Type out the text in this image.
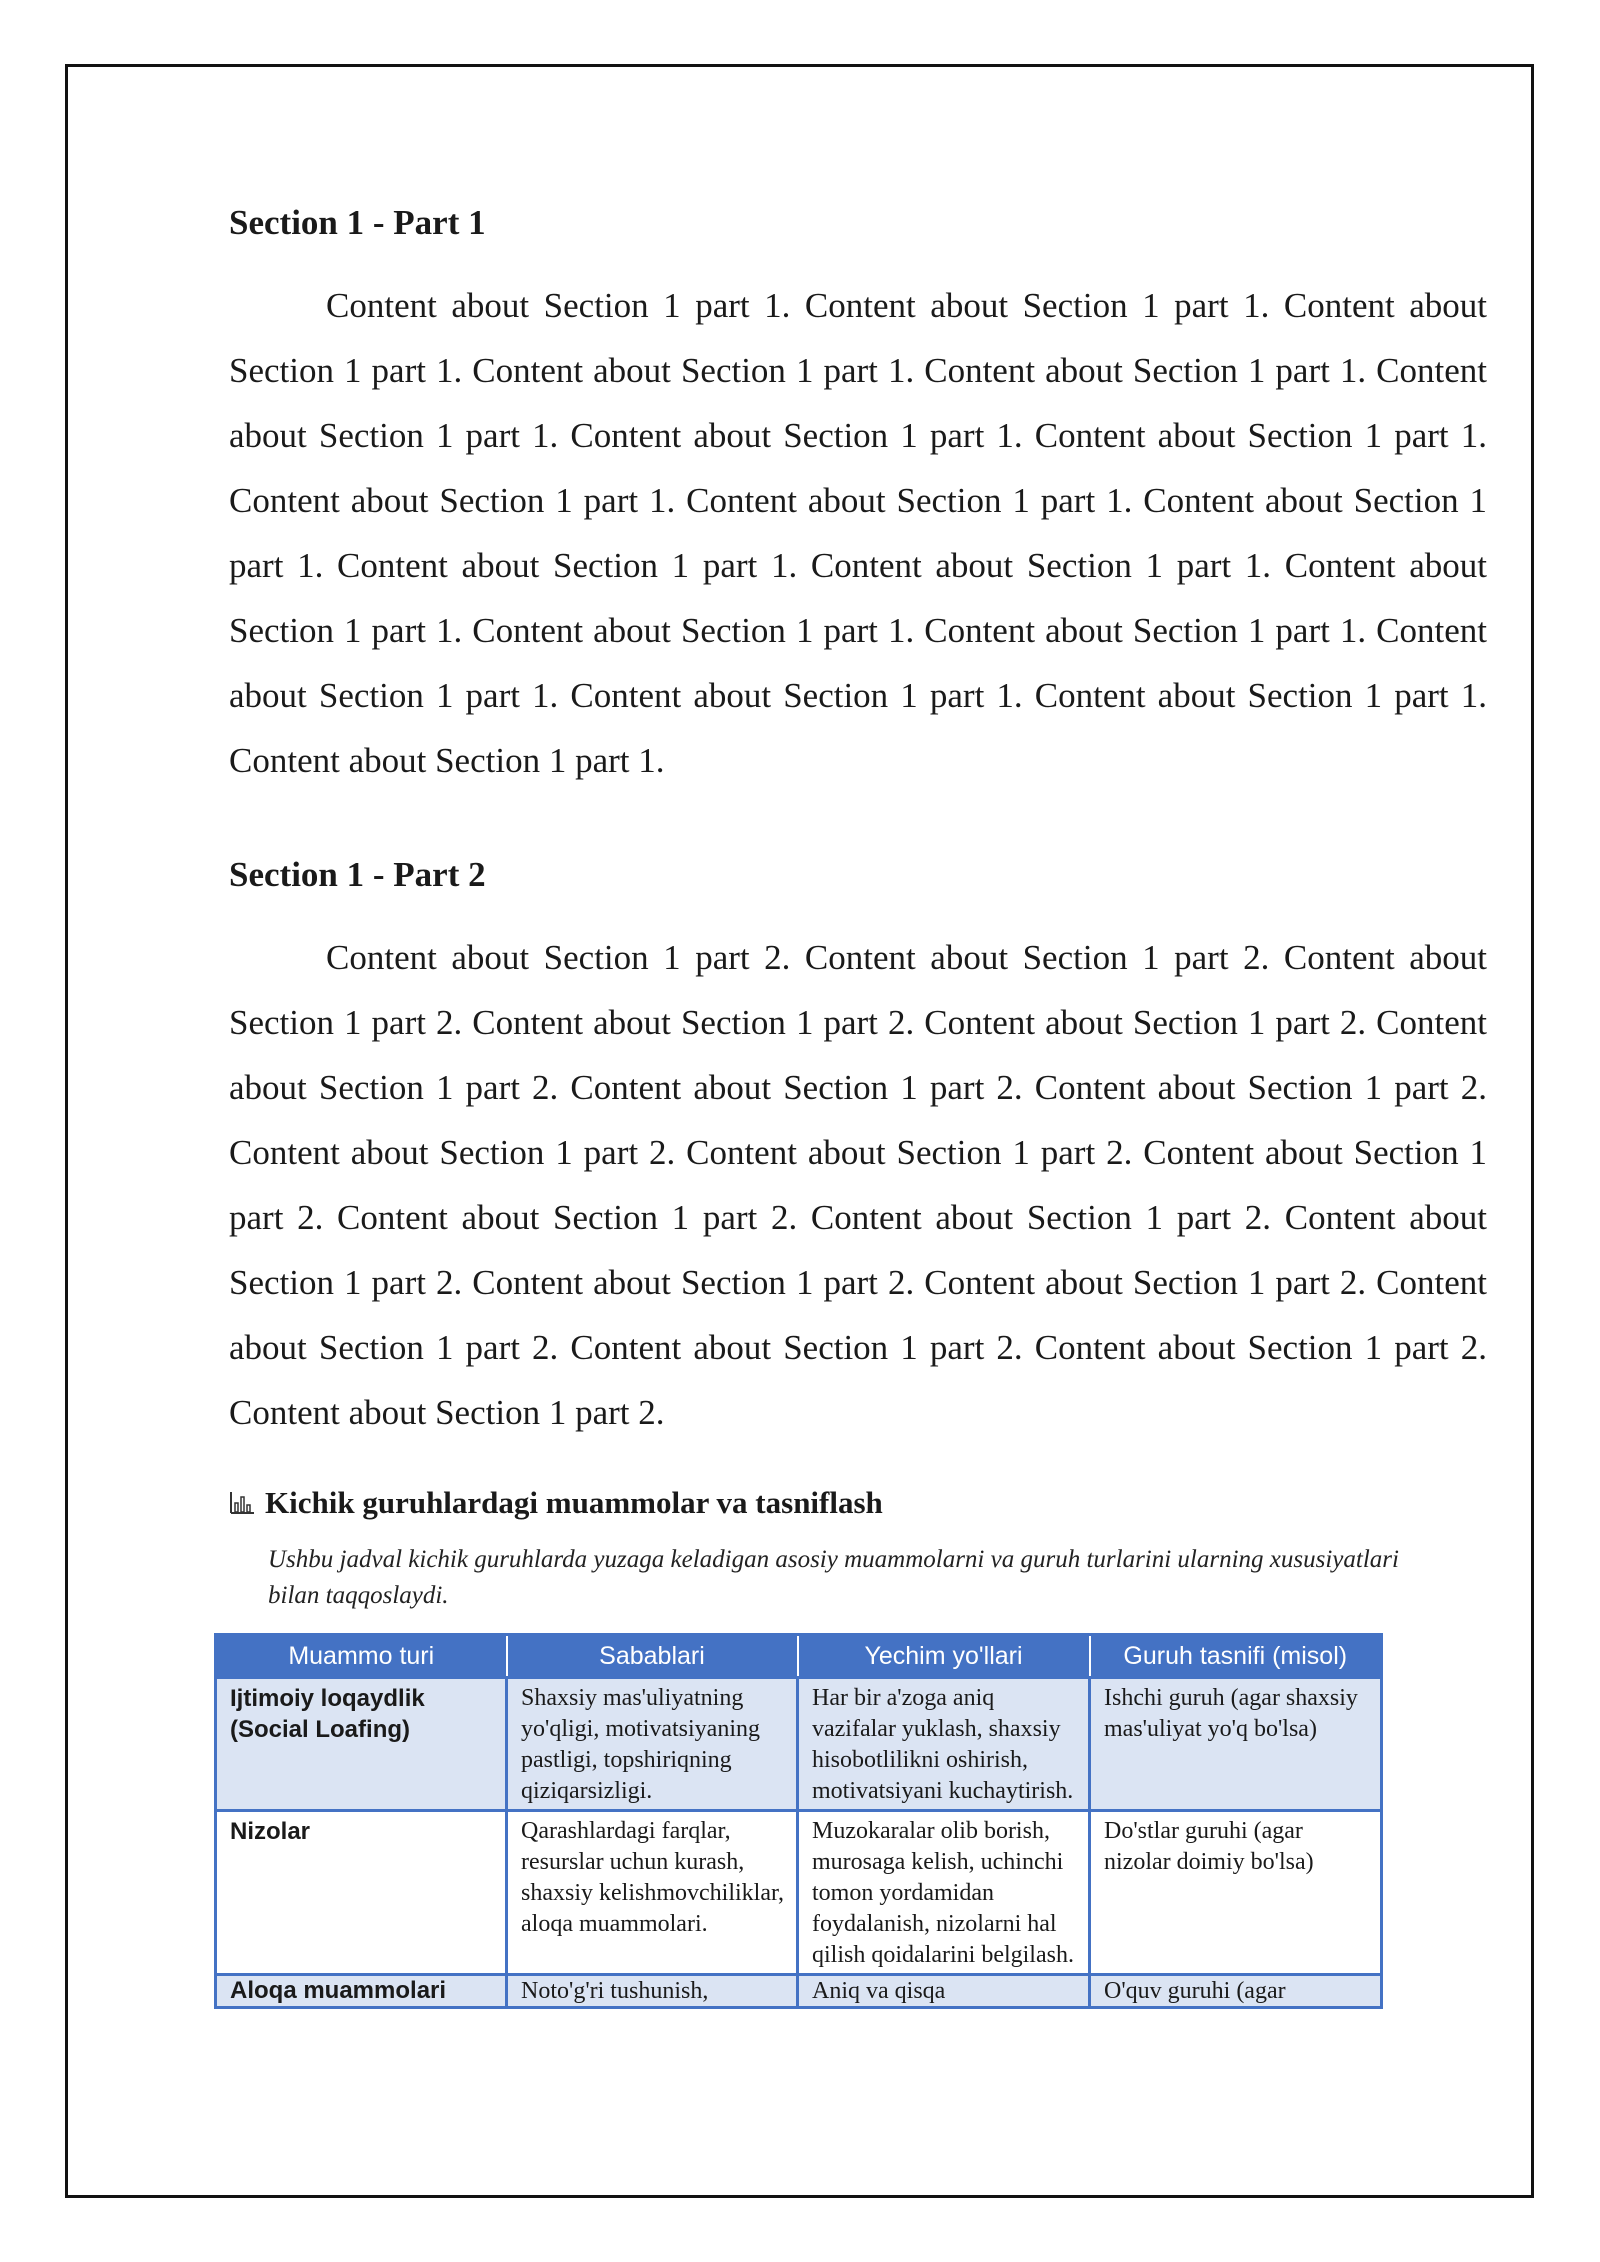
Section 1 - Part 1

Content about Section 1 part 1. Content about Section 1 part 1. Content about Section 1 part 1. Content about Section 1 part 1. Content about Section 1 part 1. Content about Section 1 part 1. Content about Section 1 part 1. Content about Section 1 part 1. Content about Section 1 part 1. Content about Section 1 part 1. Content about Section 1 part 1. Content about Section 1 part 1. Content about Section 1 part 1. Content about Section 1 part 1. Content about Section 1 part 1. Content about Section 1 part 1. Content about Section 1 part 1. Content about Section 1 part 1. Content about Section 1 part 1. Content about Section 1 part 1.

Section 1 - Part 2

Content about Section 1 part 2. Content about Section 1 part 2. Content about Section 1 part 2. Content about Section 1 part 2. Content about Section 1 part 2. Content about Section 1 part 2. Content about Section 1 part 2. Content about Section 1 part 2. Content about Section 1 part 2. Content about Section 1 part 2. Content about Section 1 part 2. Content about Section 1 part 2. Content about Section 1 part 2. Content about Section 1 part 2. Content about Section 1 part 2. Content about Section 1 part 2. Content about Section 1 part 2. Content about Section 1 part 2. Content about Section 1 part 2. Content about Section 1 part 2.

Kichik guruhlardagi muammolar va tasniflash
Ushbu jadval kichik guruhlarda yuzaga keladigan asosiy muammolarni va guruh turlarini ularning xususiyatlari bilan taqqoslaydi.
Muammo turi	Sabablari	Yechim yo'llari	Guruh tasnifi (misol)
Ijtimoiy loqaydlik (Social Loafing)	Shaxsiy mas'uliyatning yo'qligi, motivatsiyaning pastligi, topshiriqning qiziqarsizligi.	Har bir a'zoga aniq vazifalar yuklash, shaxsiy hisobotlilikni oshirish, motivatsiyani kuchaytirish.	Ishchi guruh (agar shaxsiy mas'uliyat yo'q bo'lsa)
Nizolar	Qarashlardagi farqlar, resurslar uchun kurash, shaxsiy kelishmovchiliklar, aloqa muammolari.	Muzokaralar olib borish, murosaga kelish, uchinchi tomon yordamidan foydalanish, nizolarni hal qilish qoidalarini belgilash.	Do'stlar guruhi (agar nizolar doimiy bo'lsa)
Aloqa muammolari	Noto'g'ri tushunish,	Aniq va qisqa	O'quv guruhi (agar
